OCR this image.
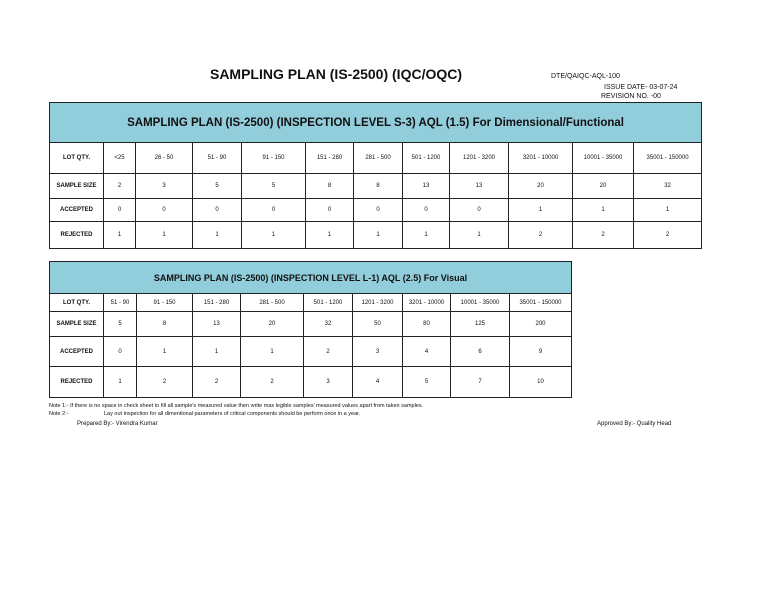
SAMPLING PLAN (IS-2500) (IQC/OQC)	DTE/QAIQC-AQL-100
ISSUE DATE- 03-07-24
REVISION NO. -00
SAMPLING PLAN (IS-2500) (INSPECTION LEVEL S-3) AQL (1.5) For Dimensional/Functional											
LOT QTY.	<25	26 - 50	51 - 90	91 - 150	151 - 280	281 - 500	501 - 1200	1201 - 3200	3201 - 10000	10001 - 35000	35001 - 150000
SAMPLE SIZE	2	3	5	5	8	8	13	13	20	20	32
ACCEPTED	0	0	0	0	0	0	0	0	1	1	1
REJECTED	1	1	1	1	1	1	1	1	2	2	2
SAMPLING PLAN (IS-2500) (INSPECTION LEVEL L-1) AQL (2.5) For Visual									
LOT QTY.	51 - 90	91 - 150	151 - 280	281 - 500	501 - 1200	1201 - 3200	3201 - 10000	10001 - 35000	35001 - 150000
SAMPLE SIZE	5	8	13	20	32	50	80	125	200
ACCEPTED	0	1	1	1	2	3	4	6	9
REJECTED	1	2	2	2	3	4	5	7	10
Note 1:- If there is no space in check sheet to fill all sample's measured value then write max legible samples' measured values apart from taken samples.
Note 2:-	Lay out inspection for all dimentional parameters of critical components should be perform once in a year.
Prepared By:- Virendra Kumar	Approved By:- Quality Head
